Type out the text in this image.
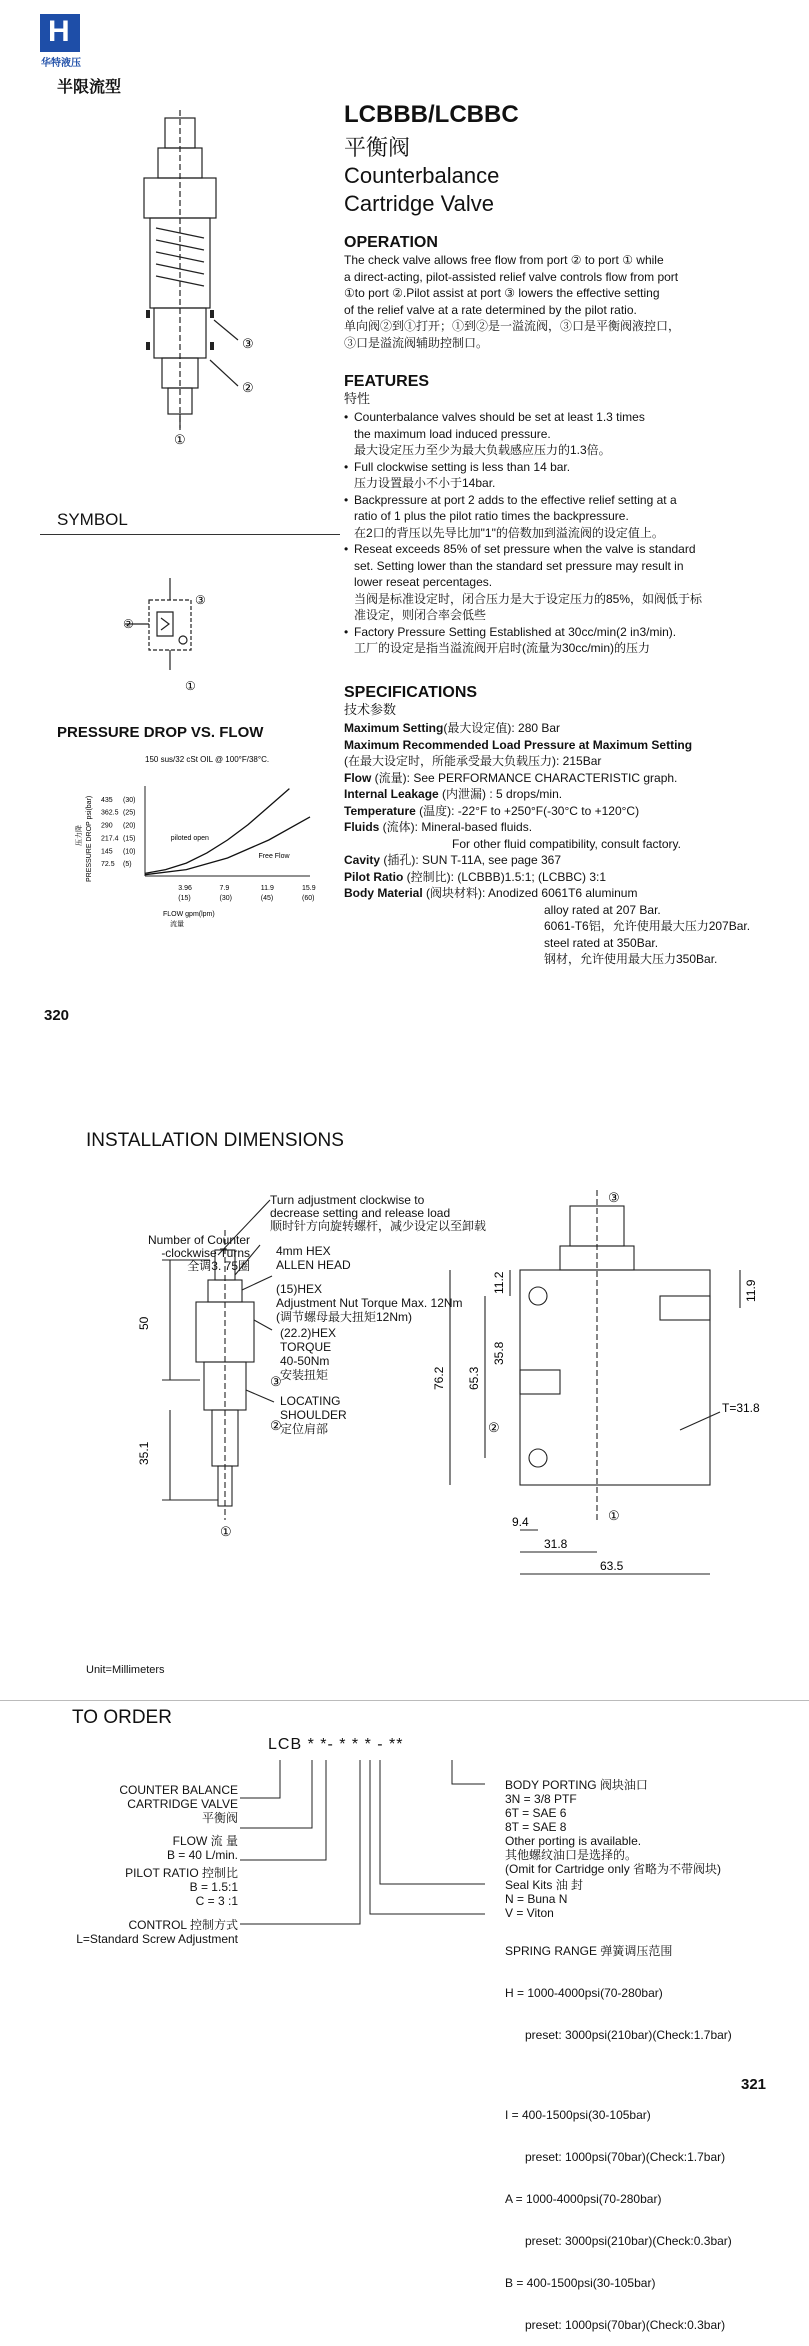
H
华特液压
半限流型
③
②
①
LCBBB/LCBBC
平衡阀
Counterbalance
Cartridge Valve
OPERATION
The check valve allows free flow from port ② to port ① while
a direct-acting, pilot-assisted relief valve controls flow from port
①to port ②.Pilot assist at port ③ lowers the effective setting
of the relief valve at a rate determined by the pilot ratio.
单向阀②到①打开；①到②是一溢流阀，③口是平衡阀液控口，
③口是溢流阀辅助控制口。
FEATURES
特性
• Counterbalance valves should be set at least 1.3 times
the maximum load induced pressure.
最大设定压力至少为最大负载感应压力的1.3倍。
• Full clockwise setting is less than 14 bar.
压力设置最小不小于14bar.
• Backpressure at port 2 adds to the effective relief setting at a
ratio of 1 plus the pilot ratio times the backpressure.
在2口的背压以先导比加"1"的倍数加到溢流阀的设定值上。
• Reseat exceeds 85% of set pressure when the valve is standard
set. Setting lower than the standard set pressure may result in
lower reseat percentages.
当阀是标准设定时，闭合压力是大于设定压力的85%，如阀低于标
准设定，则闭合率会低些
• Factory Pressure Setting Established at 30cc/min(2 in3/min).
工厂的设定是指当溢流阀开启时(流量为30cc/min)的压力
SPECIFICATIONS
技术参数
Maximum Setting(最大设定值): 280 Bar
Maximum Recommended Load Pressure at Maximum Setting
(在最大设定时，所能承受最大负载压力): 215Bar
Flow (流量): See PERFORMANCE CHARACTERISTIC graph.
Internal Leakage (内泄漏) : 5 drops/min.
Temperature (温度): -22°F to +250°F(-30°C to +120°C)
Fluids (流体): Mineral-based fluids.
For other fluid compatibility, consult factory.
Cavity (插孔): SUN T-11A, see page 367
Pilot Ratio (控制比): (LCBBB)1.5:1; (LCBBC) 3:1
Body Material (阀块材料): Anodized 6061T6 aluminum
alloy rated at 207 Bar.
6061-T6铝，允许使用最大压力207Bar.
steel rated at 350Bar.
钢材，允许使用最大压力350Bar.
SYMBOL
②
③
①
PRESSURE DROP VS. FLOW
150 sus/32 cSt OIL @ 100°F/38°C.
435 (30)
362.5 (25)
290 (20)
217.4 (15)
145 (10)
72.5 (5)
3.96
(15)
7.9
(30)
11.9
(45)
15.9
(60)
piloted open
Free Flow
FLOW gpm(lpm)
流量
PRESSURE DROP psi(bar)
压力降
320
INSTALLATION DIMENSIONS
50
35.1
76.2 65.3
35.8
11.2	11.9
9.4
31.8
63.5
T=31.8
②
③
①
②
③
①
Turn adjustment clockwise to
decrease setting and release load
顺时针方向旋转螺杆，减少设定以至卸载
Number of Counter
-clockwise Turns
全调3. 75圈
4mm HEX
ALLEN HEAD
(15)HEX
Adjustment Nut Torque Max. 12Nm
(调节螺母最大扭矩12Nm)
(22.2)HEX
TORQUE
40-50Nm
安装扭矩
LOCATING
SHOULDER
定位肩部
Unit=Millimeters
TO ORDER
LCB * *- * * * - **
COUNTER BALANCE
CARTRIDGE VALVE
平衡阀
FLOW 流 量
B = 40 L/min.
PILOT RATIO 控制比
B = 1.5:1
C = 3 :1
CONTROL 控制方式
L=Standard Screw Adjustment
BODY PORTING 阀块油口
3N = 3/8 PTF
6T = SAE 6
8T = SAE 8
Other porting is available.
其他螺纹油口是选择的。
(Omit for Cartridge only 省略为不带阀块)
Seal Kits 油 封
N = Buna N
V = Viton

SPRING RANGE 弹簧调压范围

H = 1000-4000psi(70-280bar)

preset: 3000psi(210bar)(Check:1.7bar)

I = 400-1500psi(30-105bar)

preset: 1000psi(70bar)(Check:1.7bar)

A = 1000-4000psi(70-280bar)

preset: 3000psi(210bar)(Check:0.3bar)

B = 400-1500psi(30-105bar)

preset: 1000psi(70bar)(Check:0.3bar)

321
